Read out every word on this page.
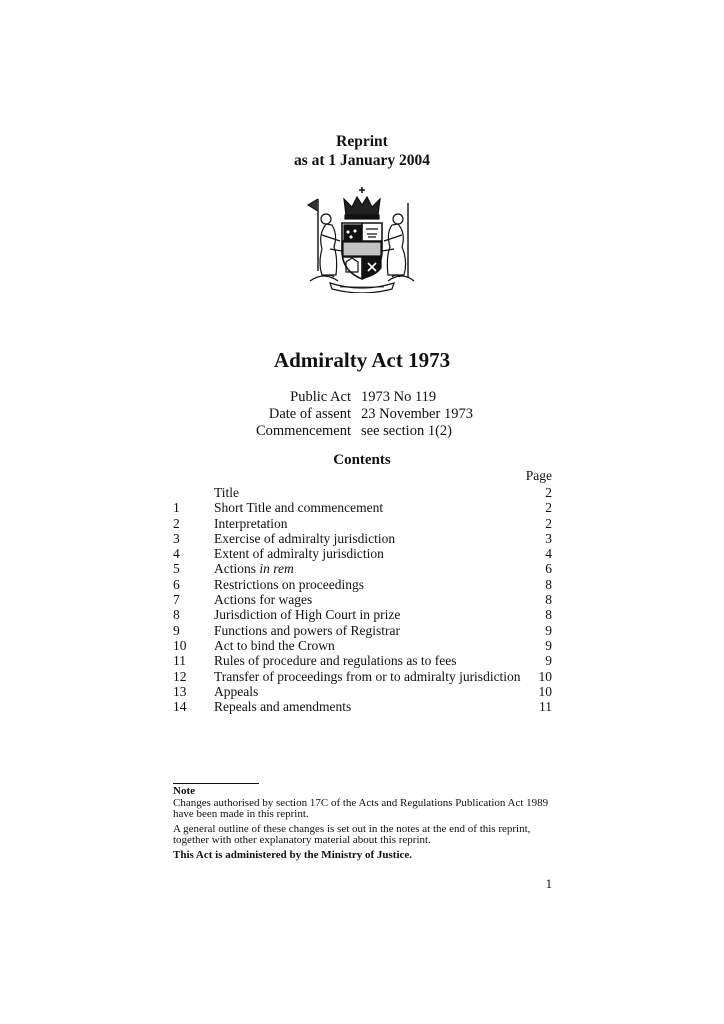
Reprint
as at 1 January 2004
Admiralty Act 1973
Public Act 1973 No 119
Date of assent 23 November 1973
Commencement see section 1(2)
Contents
Page
Title	2
1	Short Title and commencement	2
2	Interpretation	2
3	Exercise of admiralty jurisdiction	3
4	Extent of admiralty jurisdiction	4
5	Actions in rem	6
6	Restrictions on proceedings	8
7	Actions for wages	8
8	Jurisdiction of High Court in prize	8
9	Functions and powers of Registrar	9
10 Act to bind the Crown	9
11 Rules of procedure and regulations as to fees	9
12 Transfer of proceedings from or to admiralty jurisdiction 10
13 Appeals	10
14 Repeals and amendments	11
Note

Changes authorised by section 17C of the Acts and Regulations Publication Act 1989 have been made in this reprint.

A general outline of these changes is set out in the notes at the end of this reprint, together with other explanatory material about this reprint.

This Act is administered by the Ministry of Justice.

1
